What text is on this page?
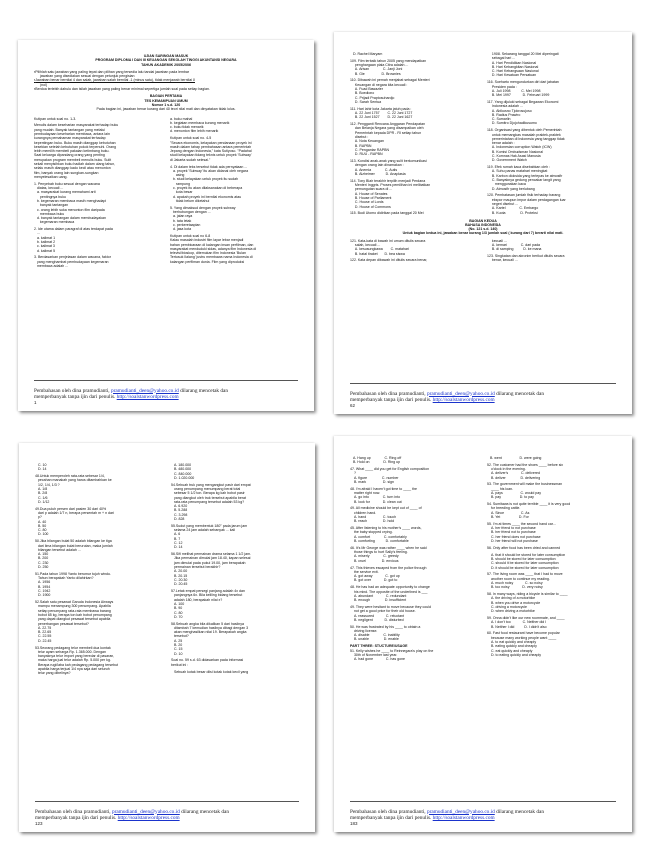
UJIAN SARINGAN MASUK
PROGRAM DIPLOMA I DAN III KEUANGAN SEKOLAH TINGGI AKUNTANSI NEGARA
TAHUN AKADEMIK 2005/2006
▪ Pilihlah satu jawaban yang paling tepat dan pilihan yang tersedia lalu tandai jawaban pada lembar
jawaban yang disediakan sesuai dengan petunjuk pengisian
▪ Jawaban benar bernilai 4 dan salah, jawaban salah bernilai -1 (minus satu), tidak menjawab bernilai 0
(nol)
▪ Berdoa terlebih dahulu dan isilah jawaban yang paling benar minimal sepertiga jumlah soal pada setiap bagian.
BAGIAN PERTAMA
TES KEMAMPUAN UMUM
Nomor 1 s.d. 120
Pada bagian ini, jawaban benar kurang dari 40 teori nilai mati dan dinyatakan tidak lulus.
Kutipan untuk soal no. 1-3.

Menulis dalam keseharian masyarakat terhadap buku
yang mudah. Banyak tantangan yang melalui
pembudayaan keseharian membaca, antara lain
kurangnya pemahaman masyarakat terhadap
kepentingan buku. Buku masih dianggap kebutuhan
kesekian setelah kebutuhan pokok terpenuhi. Orang
lebih memilih membeli pakaian ketimbang buku.
Saat keluarga dipandang orang yang penting
merupakan program membeli menulis buku. Sulit
sekali menyisihkan buku hadiah dalam ulang tahun,
selalu masih dianggap kado kecil atau menonton
film, banyak orang lain sungkan-sungkan
menyelesaikan uang.

1. Penyebab buku sesuai dengan wacana
diatas, kecuali ...
a. masyarakat kurang memahami arti
pentingnya buku
b. kegemaran membaca masih menghadapi
banyak tantangan
c. orang lebih suka menonton film daripada
membaca buku
d. banyak tantangan dalam membudayakan
kegemaran membaca

2. Ide utama dalam paragraf di atas terdapat pada
...
a. kalimat 1
b. kalimat 2
c. kalimat 3
d. kalimat 5

3. Berdasarkan penjelasan dalam wacana, faktor
yang menghambat pembudayaan kegemaran
membaca adalah ...
a. buku mahal
b. kegiatan membaca kurang menarik
c. buku tidak menarik
d. menonton film lebih menarik

Kutipan untuk soal no. 4-5
"Secara ekonomis, kelayakan pendanaan proyek ini
masih dalam tahap pembahasan antara pemerintah
Jepang dengan Indonesia," kata Sutiyoso. "Padahal
studi kelayakan tidang teknis untuk proyek 'Subway'
di Jakarta sudah selesai."

4. Di dalam teks tersebut tidak ada pernyataan ...
a. proyek 'Subway' itu akan didanai oleh negara
asing
b. studi kelayakan untuk proyek itu sudah
rampung
c. proyek itu akan dilaksanakan di beberapa
kota besar
d. apakah proyek ini bernilai ekonomis atau
tidak belum diketahui

5. Yang dimaksud dengan proyek subway
berhubungan dengan ...
a. jalan raya
b. tata letak
c. perkeretaapian
d. jasa kota

Kutipan untuk soal no 6-8
Kalau masalah industri film layar lebar menjadi
bahan pembicaraan di kalangan insan perfilman, dan
masyarakat menduduki sidas, adanya film Indonesia di
televisi/bioskop, ditemukan film Indonesia 'Bulan
Tertusuk Ilalang' justru membawa nama Indonesia di
kalangan perfilman dunia. Film yang diproduksi
Pembahasan oleh dina pramudianti, pramudianti_deen@yahoo.co.id dilarang mencetak dan
memperbanyak tanpa ijin dari penulis. http://soalstanwordpress.com
1
D. Rachel Maryam

109. Film terbaik tahun 2005 yang mendapatkan
penghargaan piala Citra adalah ...
A. Arisan              C. Janji Joni
B. Gie                 D. Brownies

110. Dibawah ini pemah menjabat sebagai Menteri
Keuangan di negara kita kecuali :
A. Fuad Bawazier
B. Boediono
C. Prijadi Praptosuhardjo
D. Sarah Sentua

111. Hari lahir kota Jakarta jatuh pada :
A. 22 Juni 1757        C. 22 Juni 1727
B. 22 Juni 1527        D. 22 Juni 1627

112. Pengganti Rencana Anggaran Pendapatan
dan Belanja Negara yang disampaikan oleh
Pemerintah kepada DPR - RI setiap tahun
disebut :
A. Nota Keuangan
B. RAPBN
C. Pengantar RAPBN
D. RUU - RAPBN

113. Kondisi anak-anak yang sulit berkomunikasi
dengan orang lain dinamakan :
A. Anemia              C. Autis
B. Alzheimer           D. Anaplasia

114. Tony Blair terakhir terpilih menjadi Perdana
Menteri Inggris. Proses pemilihan ini melibatkan
pemungutan suara di ...
A. House of Senates
B. House of Parliament
C. House of Lords
D. House of Commons

115. Budi Utomo didirikan pada tanggal 20 Mei
1908. Sekarang tanggal 20 Mei diperingati
sebagai hari ...
A. Hari Pendidikan Nasional
B. Hari Kebangkitan Nasional
C. Hari Kebangsaan Nasional
D. Hari Kesatuan Persatuan

116. Soeharto mengundurkan diri dari jabatan
Presiden pada :
A. Juli 1998           C. Mei 1998
B. Mei 1997            D. Februari 1999

117. Yang dijuluki sebagai Begawan Ekonomi
Indonesia adalah ...
A. Abikusno Tjokrosujoso
B. Radius Prawiro
C. Sumarlin
D. Sumitro Djojohadikusumo

118. Organisasi yang dibentuk oleh Pemerintah
untuk memangkas masalah praktek-praktek
pemerintahan di Indonesia yang tanggap tidak
benar adalah :
A. Indonesian corruption Watch (ICW)
B. Komisi Ombudsman Nasional
C. Komnas Hak Asasi Manusia
D. Government Watch

119. Efek rumah kaca disebabkan oleh :
A. Suhu panas matahari meningkat
B. Karbon dioksida yang terlepas ke atmosfir
C. Banyaknya gedung pencakar langit yang
menggunakan kaca
D. Atmosfir yang berlubang

120. Pembatasan jumlah fisik terhadap barang
ekspor maupun impor dalam perdagangan luar
negeri disebut ...
A. Kartel              C. Embargo
B. Kuota               D. Proteksi
BAGIAN KEDUA
BAHASA INDONESIA
(No. 121 s.d. 140)
Untuk bagian kedua ini, jawaban benar kurang 1/3 jumlah soal ( kurang dari 7) berarti nilai mati.
121. Kata-kata di bawah ini umum ditulis secara
salah, kecuali ...
A. kesusungkawa        C. matahari
B. hatal tiraket       D. bea siswa

122. Kata depan dibawah ini ditulis secara benar,
kecuali ...
A. kemari              C. dari pada
B. di samping          D. ke mana

123. Singkatan dan akronim berikut ditulis secara
benar, kecuali ...
Pembahasan oleh dina pramudianti, pramudianti_deen@yahoo.co.id dilarang mencetak dan
memperbanyak tanpa ijin dari penulis. http://soalstanwordpress.com
62
C. 10
D. 14

48.Untuk memperoleh rata-rata sebesar 1/4,
pecahan manakah yang harus ditambahkan ke
1/2, 1/4, 1/3 ?
A. 1/8
B. 2/8
C. 1/6
D. 1/12

49.Dua puluh persen dari pasien 30 dari 40%
dari p adalah 1/7 n, berapa persentah m + n dari
p?
A. 40
B. 50
C. 80
D. 100

50.Jika bilangan bulat 50 adalah bilangan ke tiga
dari lima bilangan bulat berurutan, maka jumlah
bilangan tersebut adalah ...
A. 150
B. 200
C. 230
D. 250

51.Pada tahun 1998 Yanto berumur tujuh windu.
Tahun berapakah Yanto dilahirkan?
A. 1956
B. 1954
C. 1942
D. 1900

52.Salah satu pesawat Garuda Indonesia Airways
mampu menampung 300 penumpang. Apabila
setiap penumpang rata-rata membawa barang
bobot 65 kg, berapa ton kah bobot penumpang
yang dapat diangkut pesawat tersebut apabila
penerbangan pesawat tersebut?
A. 22.75
B. 22.65
C. 22.55
D. 22.45

53.Seorang pedagang telur membeli dua kontak
telur ayam seharga Rp. 1.365.000. Dengan
banyaknya telur import yang beredar di pasaran,
maka harga jual telur adalah Rp. 5.000 per kg.
Berapa rugi/laba kah pedagang pedagang tersebut
apabila harga terjual 1/4 nya saja dari seluruh
telur yang dibelinya?
A. 180.000
B. 480.000
C. 840.000
D. 1.020.000

54.Sebuah truk yang mengangkut pasir dari empat
orang penumpang menumpang berat total
sebesar 5 1/2 ton. Berapa kg kah bobot pasir
yang diangkut oleh truk tersebut apabila berat
rata-rata penumpang tersebut adalah 53 kg?
A. 6.920
B. 5.288
C. 3.298
D. 828

55.Sudut yang membentuk 180° pada jarum jam
selama 24 jam adalah sebanyak ... kali
A. 6
B. 7
C. 12
D. 14

56.Sifi melihat permainan drama selama 1 1/2 jam.
Jika permainan dimulai jam 18.40, kapan selesai
jam dimulai pada pukul 19.00, jam berapakah
permainan tersebut berakhir?
A. 20.00
B. 20.15
C. 20.30
D. 20.45

57.Letak empat persegi panjang adalah 4x dan
panjangnya 6x. Bila keliling bidang tersebut
adalah 180, berapakah nilai x?
A. 100
B. 90
C. 80
D. 70

58.Sebuah angka bila dikalikan 5 dari hasilnya
ditambah 7 kemudian hasilnya dibagi dengan 3
akan menghasilkan nilai 19. Berapakah angka
tersebut?
A. 25
B. 20
C. 15
D. 10

Soal no. 59 s.d. 63 didasarkan pada informasi
berikut ini :

Sebuah kotak besar diisi kotak kotak kecil yang
Pembahasan oleh dina pramudianti, pramudianti_deen@yahoo.co.id dilarang mencetak dan
memperbanyak tanpa ijin dari penulis. http://soalstanwordpress.com
123
A. Hang up              C. Ring off
B. Hold on              D. Ring up

47. What ____ did you get for English composition
?
A. figure               C. number
B. mark                 D. sign

48. I'm afraid I haven't got time to ____ the
matter right now.
A. go into              C. turn into
B. look for             D. clean out

49. All medicine should be kept out of ____ of
children hand.
A. hand                 C. touch
B. reach                D. hold

45. After listening to his mother's ____ words,
the baby stopped crying.
A. comfort              C. comfortably
B. comforting           D. comfortable

46. It's Mr George was rather ____ when he said
those things to hurt Sally's feeling.
A. miserly              C. greedy
B. cruel                D. envious

47. This thieves escaped from the police through
the service exit.
A. got away             C. got up
B. got over             D. got to

48. He has had an adequate opportunity to change
his mind. The opposite of the underlined is ___
A. abundant             C. redundant
B. enough               D. insufficient

49. They were hesitant to move because they could
not get a good price for their old house.
A. reassured            C. reluctant
B. negligent            D. disturbed

50. He was frustrated by his ____ to obtain a
driving license.
A. disable              C. inability
B. unable               D. enable

PART THREE: STUCTURE/USAGE
51. Kelly wishes he ____ to Reinnegara's play on the
30th of November last year.
A. had gone             C. has gone
B. went                  D. were going

52. The customer had the shoes ____ before six
o'clock in the evening.
A. deliver's             C. delivered
B. deliver               D. delivering

53. The government will make the businessman
____ his loan.
A. pays                  C. would pay
B. pay                   D. to pay

54. Sumitawa is not quite terrible ____ it is very good
for breeding cattle.
A. Since                 C. As
B. Yet                   D. For

55. I'm at times ____ the second hand car...
A. her friend to not purchase
B. her friend not to purchase
C. her friend does not purchase
D. her friend will not purchase

56. Only after food has been dried and canned

A. that it should be stored for later consumption
B. should be stored for later consumption
C. should it be stored for later consumption
D. it should be stored for later consumption

57. The living room was ____ that I had to move
another room to continue my reading.
A. much noisy            C. so noisy
B. too noisy             D. very noisy

58. In many ways, riding a bicycle is similar to ____
A. the driving of a motorbike
B. when you drive a motorcycle
C. driving a motorcycle
D. when driving a motorbike

59. Onna didn't like our new roommate, and ____
A. I don't too            C. Neither did I
B. Neither I did          D. I didn't also

60. Fast food restaurant have become popular
because many working people want ____
A. to eat quickly and cheaply
B. eating quickly and cheaply
C. eat quickly and cheaply
D. to eating quickly and cheaply
Pembahasan oleh dina pramudianti, pramudianti_deen@yahoo.co.id dilarang mencetak dan
memperbanyak tanpa ijin dari penulis. http://soalstanwordpress.com
183
